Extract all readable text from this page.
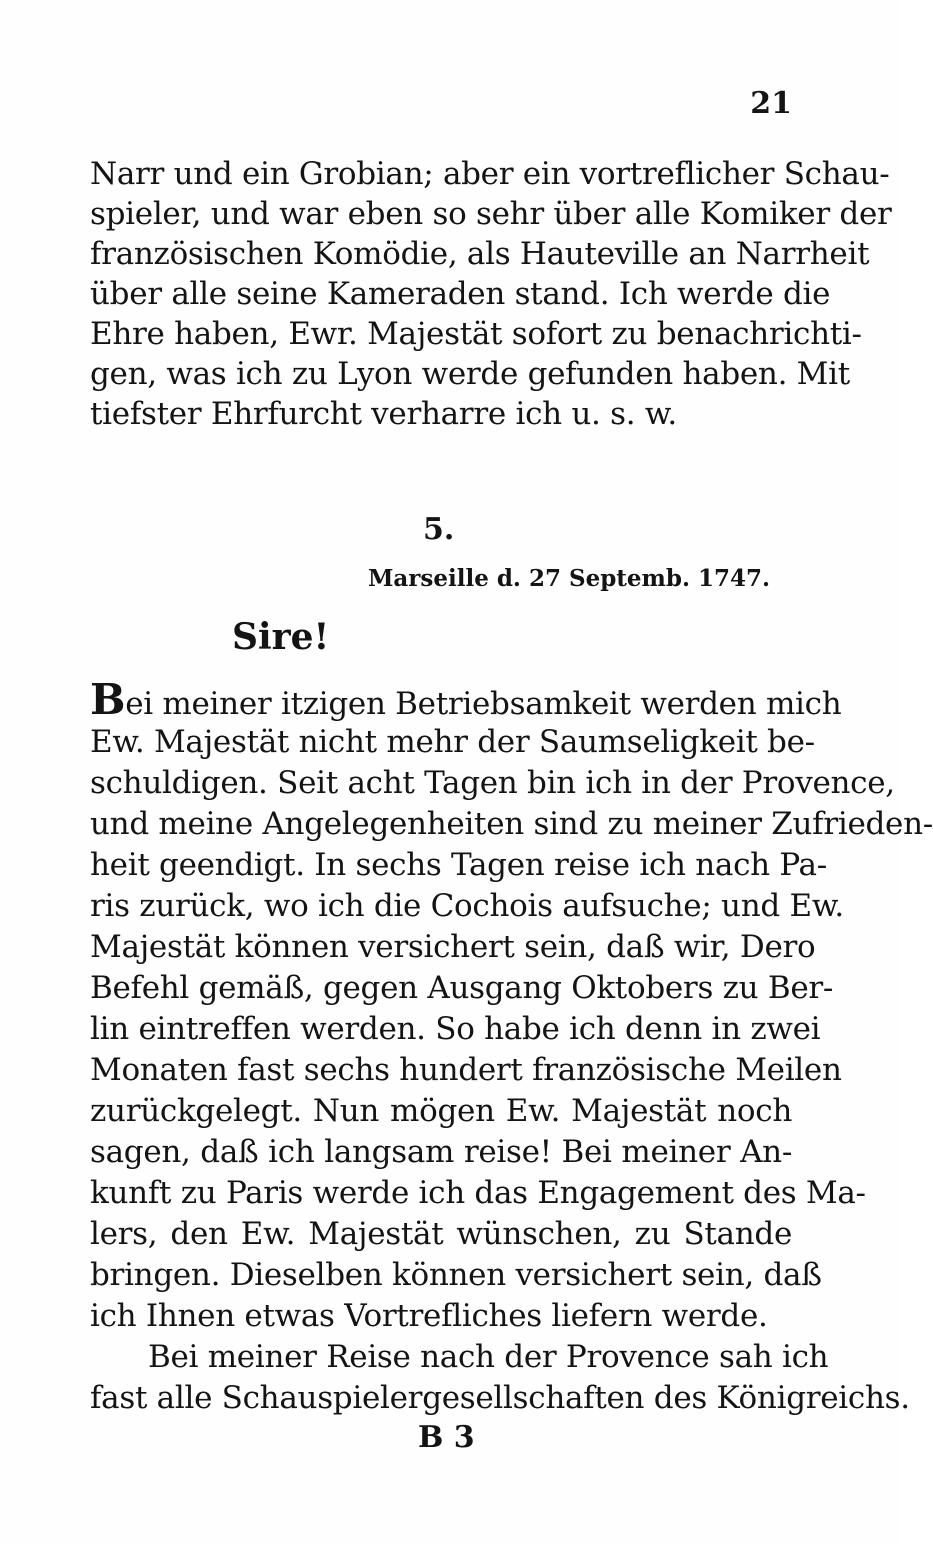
21

Narr und ein Grobian; aber ein vortreflicher Schau-

spieler, und war eben so sehr über alle Komiker der

französischen Komödie, als Hauteville an Narrheit

über alle seine Kameraden stand. Ich werde die

Ehre haben, Ewr. Majestät sofort zu benachrichti-

gen, was ich zu Lyon werde gefunden haben. Mit

tiefster Ehrfurcht verharre ich u. s. w.

5.
Marseille d. 27 Septemb. 1747.
Sire!

Bei meiner itzigen Betriebsamkeit werden mich

Ew. Majestät nicht mehr der Saumseligkeit be-

schuldigen. Seit acht Tagen bin ich in der Provence,

und meine Angelegenheiten sind zu meiner Zufrieden-

heit geendigt. In sechs Tagen reise ich nach Pa-

ris zurück, wo ich die Cochois aufsuche; und Ew.

Majestät können versichert sein, daß wir, Dero

Befehl gemäß, gegen Ausgang Oktobers zu Ber-

lin eintreffen werden. So habe ich denn in zwei

Monaten fast sechs hundert französische Meilen

zurückgelegt. Nun mögen Ew. Majestät noch

sagen, daß ich langsam reise! Bei meiner An-

kunft zu Paris werde ich das Engagement des Ma-

lers, den Ew. Majestät wünschen, zu Stande

bringen. Dieselben können versichert sein, daß

ich Ihnen etwas Vortrefliches liefern werde.

Bei meiner Reise nach der Provence sah ich

fast alle Schauspielergesellschaften des Königreichs.

B 3
